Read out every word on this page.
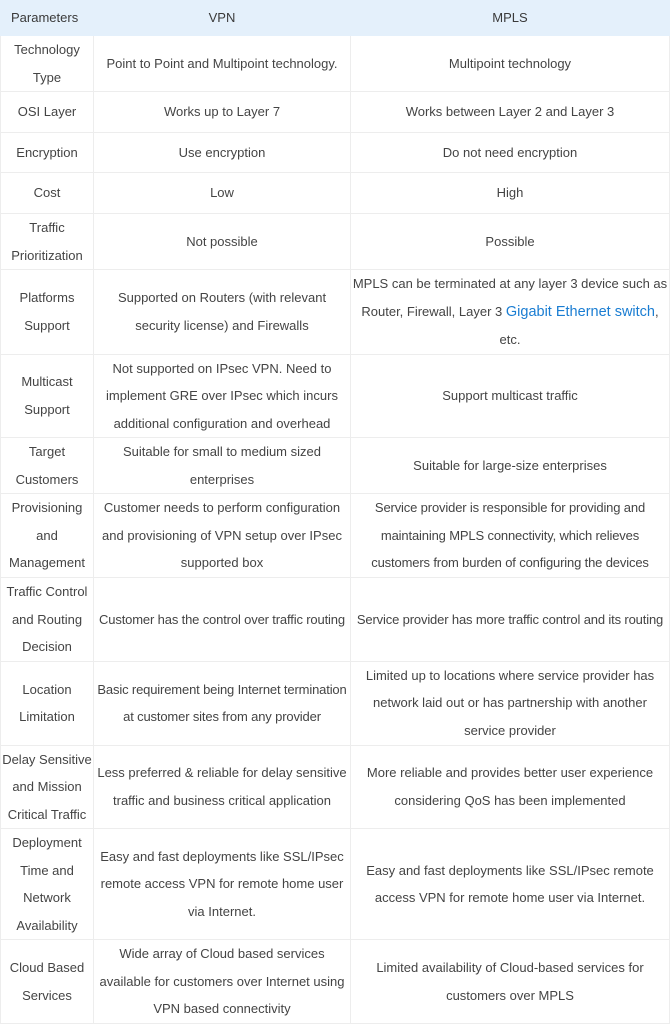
Parameters	VPN	MPLS
Technology Type	Point to Point and Multipoint technology.	Multipoint technology
OSI Layer	Works up to Layer 7	Works between Layer 2 and Layer 3
Encryption	Use encryption	Do not need encryption
Cost	Low	High
Traffic Prioritization	Not possible	Possible
Platforms Support	Supported on Routers (with relevant security license) and Firewalls	MPLS can be terminated at any layer 3 device such as Router, Firewall, Layer 3 Gigabit Ethernet switch, etc.
Multicast Support	Not supported on IPsec VPN. Need to implement GRE over IPsec which incurs additional configuration and overhead	Support multicast traffic
Target Customers	Suitable for small to medium sized enterprises	Suitable for large-size enterprises
Provisioning and Management	Customer needs to perform configuration and provisioning of VPN setup over IPsec supported box	Service provider is responsible for providing and maintaining MPLS connectivity, which relieves customers from burden of configuring the devices
Traffic Control and Routing Decision	Customer has the control over traffic routing	Service provider has more traffic control and its routing
Location Limitation	Basic requirement being Internet termination at customer sites from any provider	Limited up to locations where service provider has network laid out or has partnership with another service provider
Delay Sensitive and Mission Critical Traffic	Less preferred & reliable for delay sensitive traffic and business critical application	More reliable and provides better user experience considering QoS has been implemented
Deployment Time and Network Availability	Easy and fast deployments like SSL/IPsec remote access VPN for remote home user via Internet.	Easy and fast deployments like SSL/IPsec remote access VPN for remote home user via Internet.
Cloud Based Services	Wide array of Cloud based services available for customers over Internet using VPN based connectivity	Limited availability of Cloud-based services for customers over MPLS
